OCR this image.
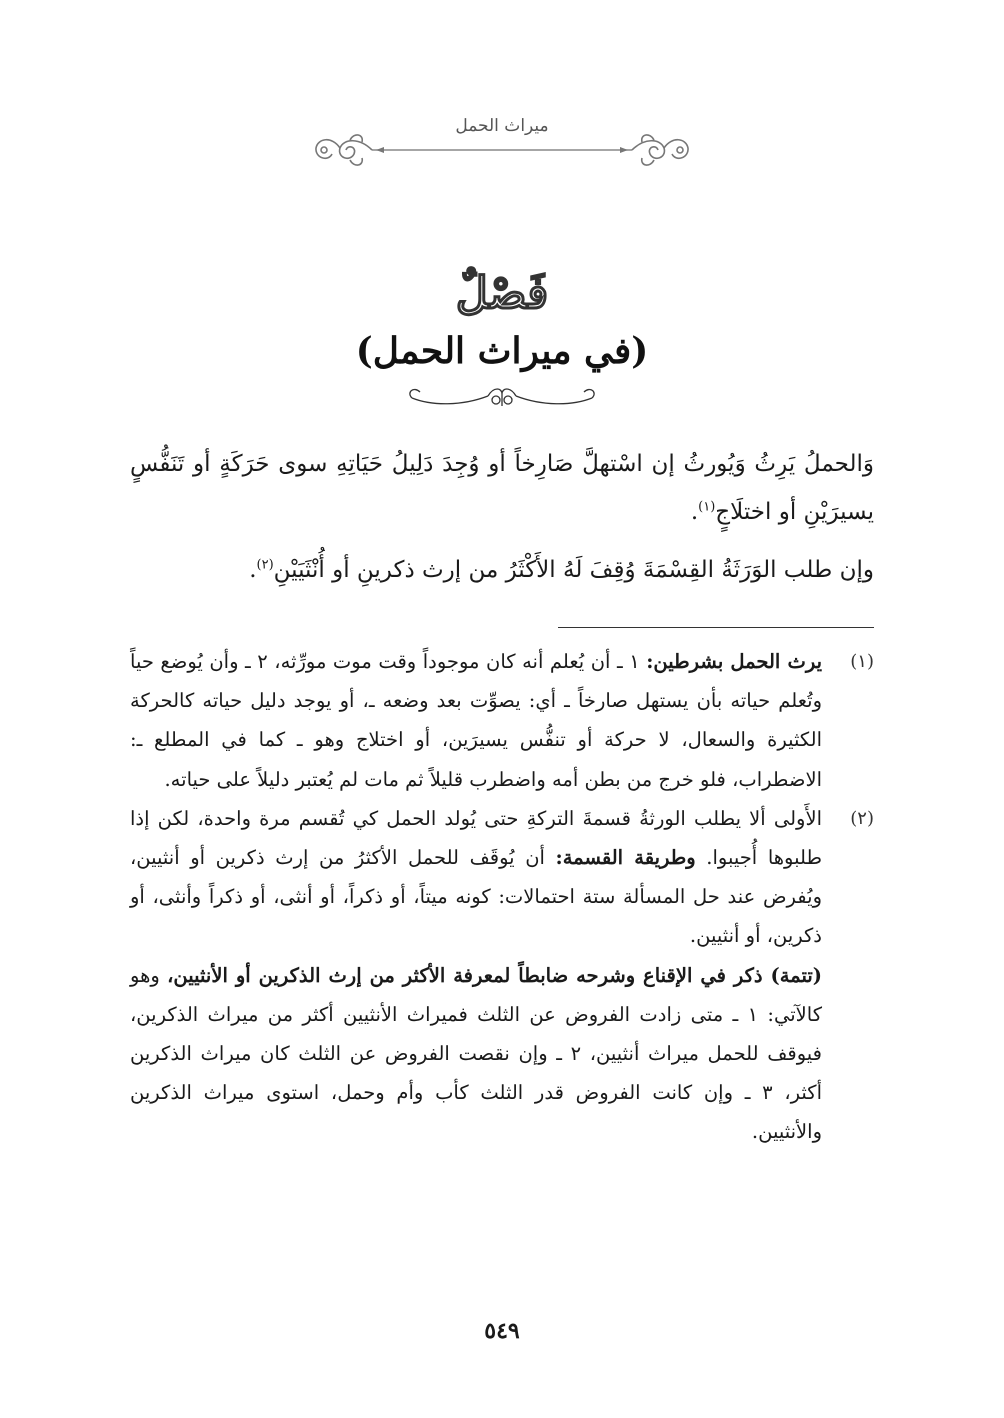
ميراث الحمل
فَصْلٌ
(في ميراث الحمل)

وَالحملُ يَرِثُ وَيُورثُ إن اسْتهلَّ صَارِخاً أو وُجِدَ دَلِيلُ حَيَاتِهِ سوى حَرَكَةٍ أو تَنَفُّسٍ يسيرَيْنِ أو اختلَاجٍ$^{(١)}$.

وإن طلب الوَرَثَةُ القِسْمَةَ وُقِفَ لَهُ الأَكْثَرُ من إرث ذكرينِ أو أُنْثَيَيْنِ$^{(٢)}$.

(١)

يرث الحمل بشرطين: ١ ـ أن يُعلم أنه كان موجوداً وقت موت مورِّثه، ٢ ـ وأن يُوضع حياً وتُعلم حياته بأن يستهل صارخاً ـ أي: يصوِّت بعد وضعه ـ، أو يوجد دليل حياته كالحركة الكثيرة والسعال، لا حركة أو تنفُّس يسيرَين، أو اختلاج وهو ـ كما في المطلع ـ: الاضطراب، فلو خرج من بطن أمه واضطرب قليلاً ثم مات لم يُعتبر دليلاً على حياته.

(٢)

الأَولى ألا يطلب الورثةُ قسمةَ التركةِ حتى يُولد الحمل كي تُقسم مرة واحدة، لكن إذا طلبوها أُجيبوا. وطريقة القسمة: أن يُوقَف للحمل الأكثرُ من إرث ذكرين أو أنثيين، ويُفرض عند حل المسألة ستة احتمالات: كونه ميتاً، أو ذكراً، أو أنثى، أو ذكراً وأنثى، أو ذكرين، أو أنثيين.

(تتمة) ذكر في الإقناع وشرحه ضابطاً لمعرفة الأكثر من إرث الذكرين أو الأنثيين، وهو كالآتي: ١ ـ متى زادت الفروض عن الثلث فميراث الأنثيين أكثر من ميراث الذكرين، فيوقف للحمل ميراث أنثيين، ٢ ـ وإن نقصت الفروض عن الثلث كان ميراث الذكرين أكثر، ٣ ـ وإن كانت الفروض قدر الثلث كأب وأم وحمل، استوى ميراث الذكرين والأنثيين.

٥٤٩
